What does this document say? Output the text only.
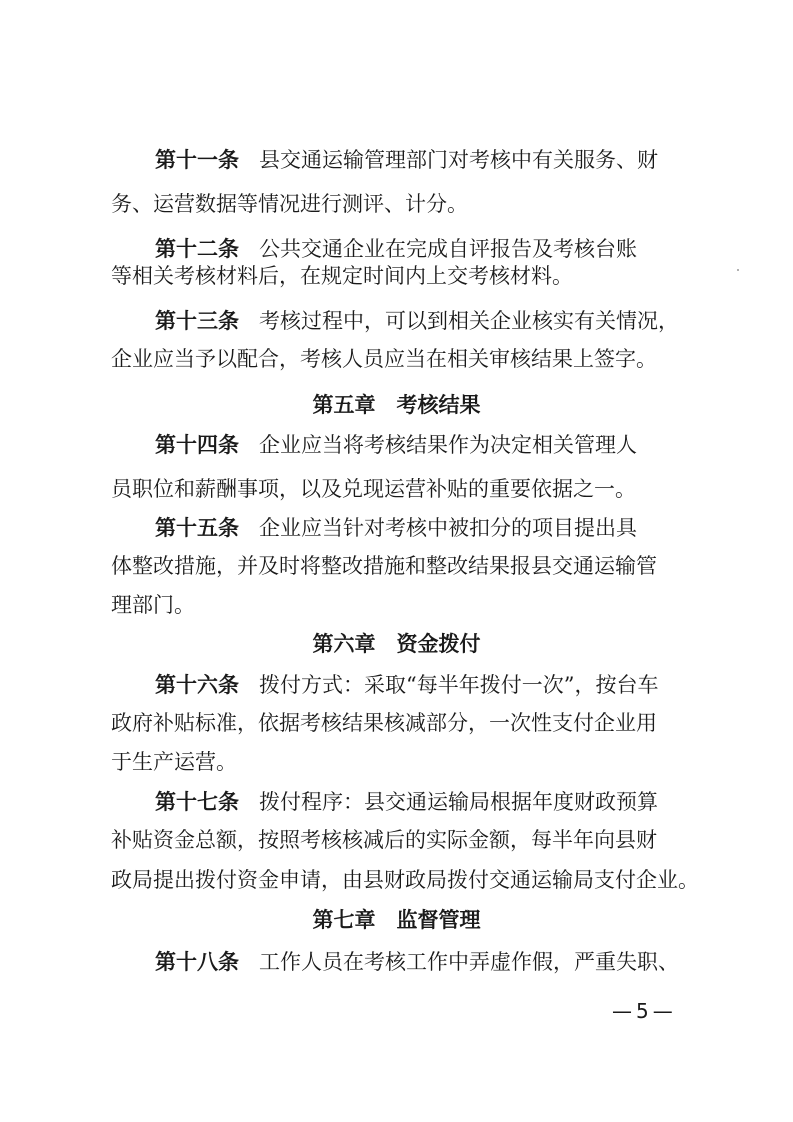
第十一条 县交通运输管理部门对考核中有关服务、财
务、运营数据等情况进行测评、计分。
第十二条 公共交通企业在完成自评报告及考核台账
等相关考核材料后，在规定时间内上交考核材料。
第十三条 考核过程中，可以到相关企业核实有关情况，
企业应当予以配合，考核人员应当在相关审核结果上签字。
第五章　考核结果
第十四条 企业应当将考核结果作为决定相关管理人
员职位和薪酬事项，以及兑现运营补贴的重要依据之一。
第十五条 企业应当针对考核中被扣分的项目提出具
体整改措施，并及时将整改措施和整改结果报县交通运输管
理部门。
第六章　资金拨付
第十六条 拨付方式：采取“每半年拨付一次”，按台车
政府补贴标准，依据考核结果核减部分，一次性支付企业用
于生产运营。
第十七条 拨付程序：县交通运输局根据年度财政预算
补贴资金总额，按照考核核减后的实际金额，每半年向县财
政局提出拨付资金申请，由县财政局拨付交通运输局支付企业。
第七章　监督管理
第十八条 工作人员在考核工作中弄虚作假，严重失职、
—5—
